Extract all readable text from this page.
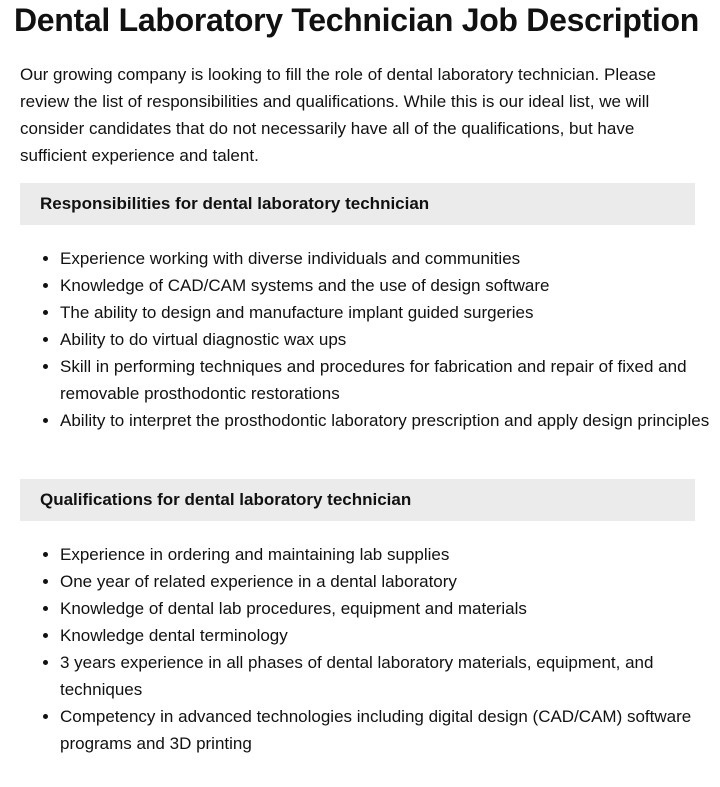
Dental Laboratory Technician Job Description

Our growing company is looking to fill the role of dental laboratory technician. Please review the list of responsibilities and qualifications. While this is our ideal list, we will consider candidates that do not necessarily have all of the qualifications, but have sufficient experience and talent.

Responsibilities for dental laboratory technician
• Experience working with diverse individuals and communities
• Knowledge of CAD/CAM systems and the use of design software
• The ability to design and manufacture implant guided surgeries
• Ability to do virtual diagnostic wax ups
• Skill in performing techniques and procedures for fabrication and repair of fixed and removable prosthodontic restorations
• Ability to interpret the prosthodontic laboratory prescription and apply design principles
Qualifications for dental laboratory technician
• Experience in ordering and maintaining lab supplies
• One year of related experience in a dental laboratory
• Knowledge of dental lab procedures, equipment and materials
• Knowledge dental terminology
• 3 years experience in all phases of dental laboratory materials, equipment, and techniques
• Competency in advanced technologies including digital design (CAD/CAM) software programs and 3D printing
